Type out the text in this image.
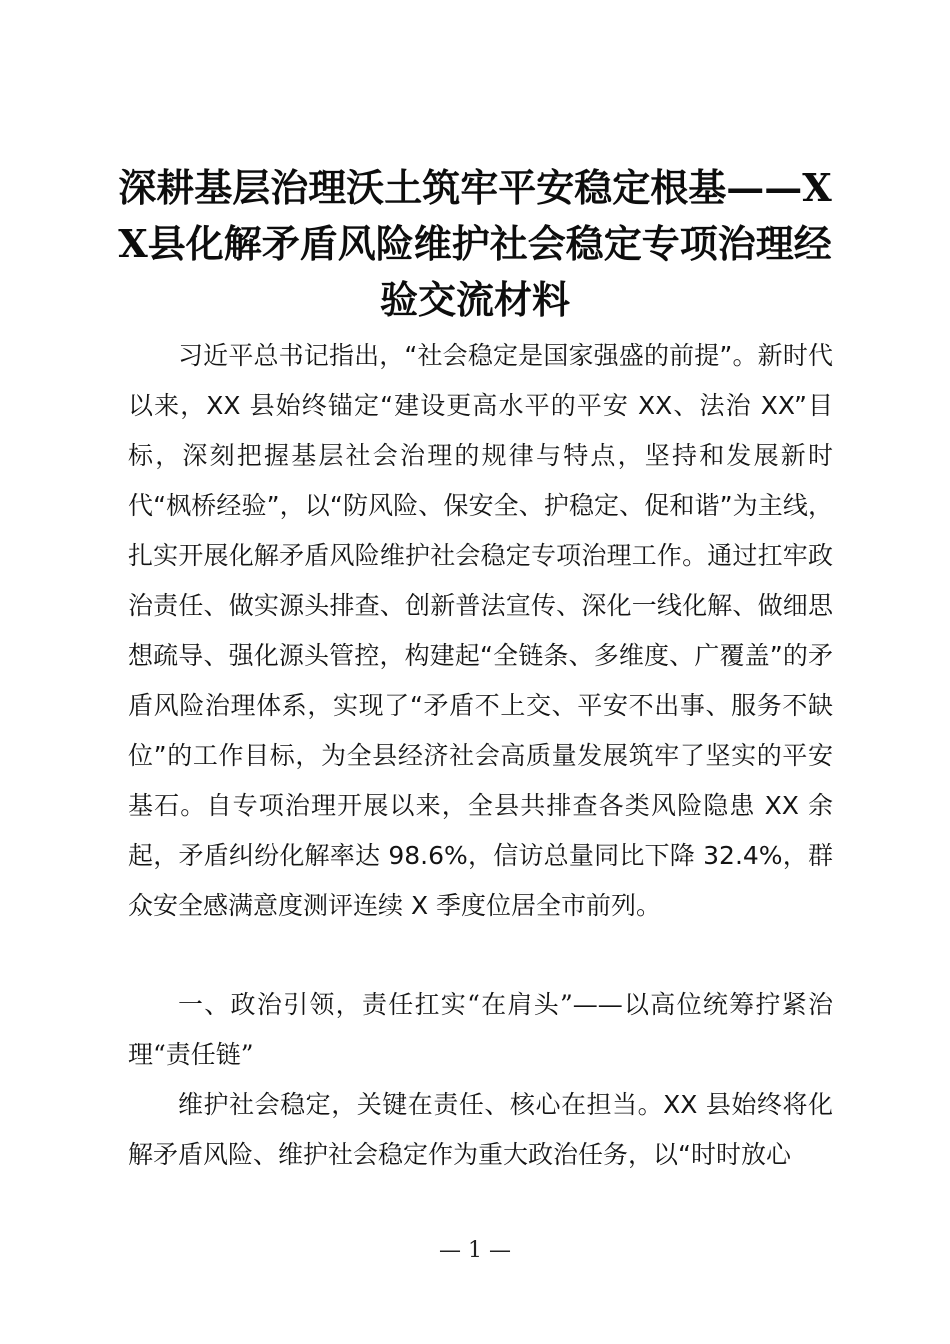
深耕基层治理沃土筑牢平安稳定根基——XX县化解矛盾风险维护社会稳定专项治理经验交流材料

习近平总书记指出，“社会稳定是国家强盛的前提”。新时代以来，XX 县始终锚定“建设更高水平的平安 XX、法治 XX”目标，深刻把握基层社会治理的规律与特点，坚持和发展新时代“枫桥经验”，以“防风险、保安全、护稳定、促和谐”为主线，扎实开展化解矛盾风险维护社会稳定专项治理工作。通过扛牢政治责任、做实源头排查、创新普法宣传、深化一线化解、做细思想疏导、强化源头管控，构建起“全链条、多维度、广覆盖”的矛盾风险治理体系，实现了“矛盾不上交、平安不出事、服务不缺位”的工作目标，为全县经济社会高质量发展筑牢了坚实的平安基石。自专项治理开展以来，全县共排查各类风险隐患 XX 余起，矛盾纠纷化解率达 98.6%，信访总量同比下降 32.4%，群众安全感满意度测评连续 X 季度位居全市前列。

一、政治引领，责任扛实“在肩头”——以高位统筹拧紧治理“责任链”

维护社会稳定，关键在责任、核心在担当。XX 县始终将化解矛盾风险、维护社会稳定作为重大政治任务，以“时时放心

— 1 —
